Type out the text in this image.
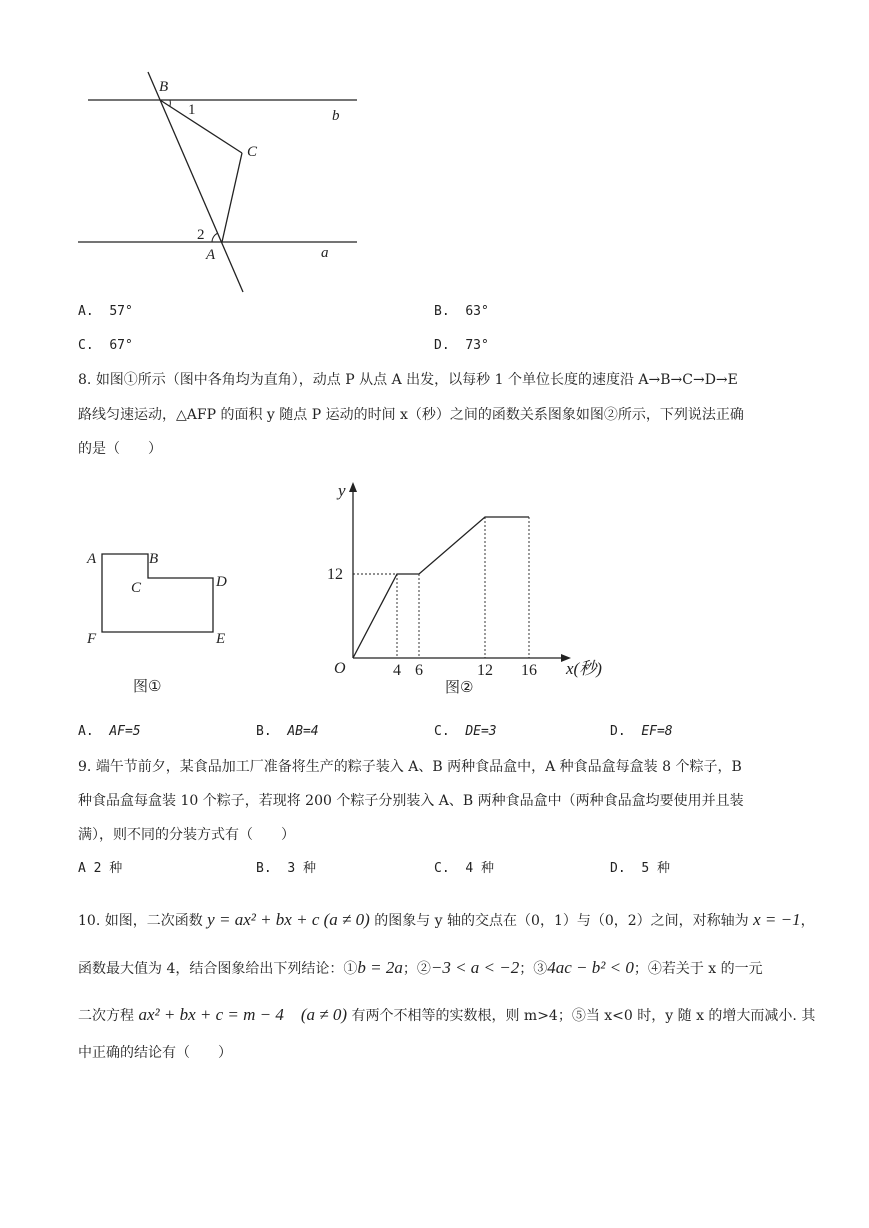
B
1	b
C
2
A	a
A. 57°	B. 63°
C. 67°	D. 73°
8. 如图①所示（图中各角均为直角），动点 P 从点 A 出发，以每秒 1 个单位长度的速度沿 A→B→C→D→E
路线匀速运动，△AFP 的面积 y 随点 P 运动的时间 x（秒）之间的函数关系图象如图②所示，下列说法正确
的是（　　）
A	B
C	D
F	E
图①
12
4 6	12 16
y
O	x(秒)
图②
A. AF=5	B. AB=4	C. DE=3	D. EF=8
9. 端午节前夕，某食品加工厂准备将生产的粽子装入 A、B 两种食品盒中，A 种食品盒每盒装 8 个粽子，B
种食品盒每盒装 10 个粽子，若现将 200 个粽子分别装入 A、B 两种食品盒中（两种食品盒均要使用并且装
满），则不同的分装方式有（　　）
A 2 种	B. 3 种	C. 4 种	D. 5 种
10. 如图，二次函数 y = ax² + bx + c (a ≠ 0) 的图象与 y 轴的交点在（0，1）与（0，2）之间，对称轴为 x = −1，
函数最大值为 4，结合图象给出下列结论：①b = 2a；②−3 < a < −2；③4ac − b² < 0；④若关于 x 的一元
二次方程 ax² + bx + c = m − 4　(a ≠ 0) 有两个不相等的实数根，则 m>4；⑤当 x<0 时，y 随 x 的增大而减小. 其
中正确的结论有（　　）
